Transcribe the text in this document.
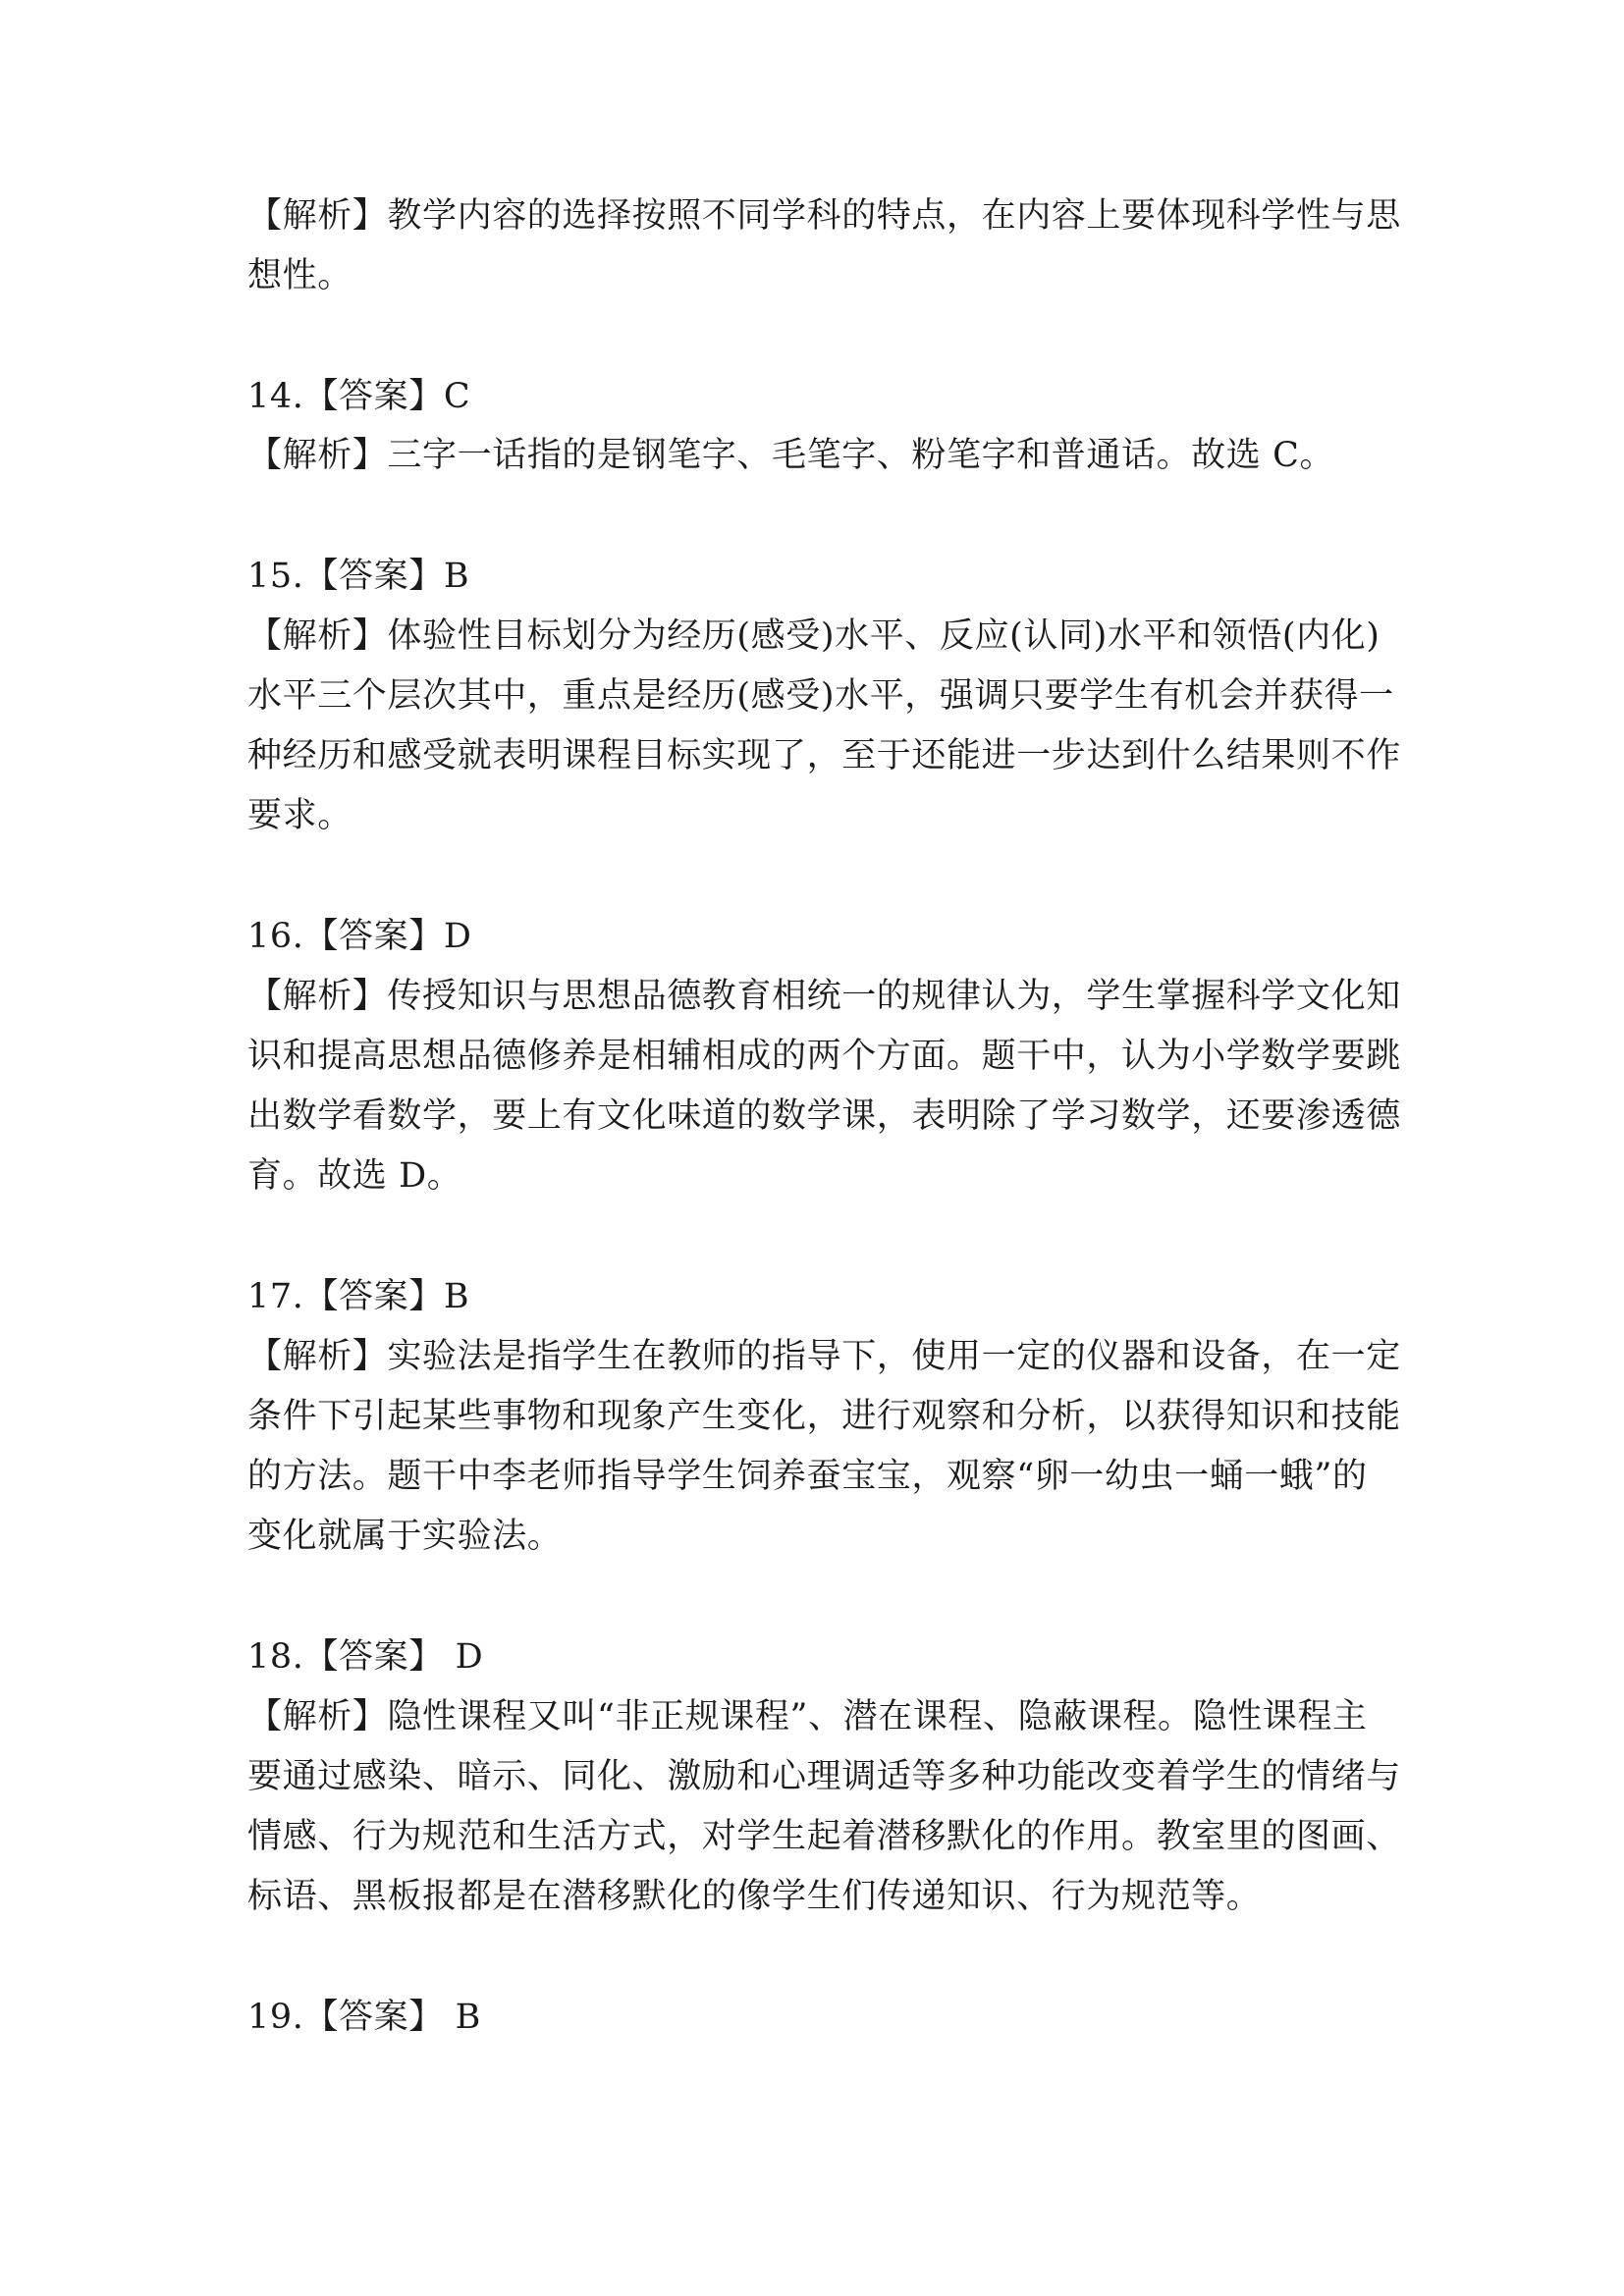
【解析】教学内容的选择按照不同学科的特点，在内容上要体现科学性与思
想性。
14.【答案】C
【解析】三字一话指的是钢笔字、毛笔字、粉笔字和普通话。故选 C。
15.【答案】B
【解析】体验性目标划分为经历(感受)水平、反应(认同)水平和领悟(内化)
水平三个层次其中，重点是经历(感受)水平，强调只要学生有机会并获得一
种经历和感受就表明课程目标实现了，至于还能进一步达到什么结果则不作
要求。
16.【答案】D
【解析】传授知识与思想品德教育相统一的规律认为，学生掌握科学文化知
识和提高思想品德修养是相辅相成的两个方面。题干中，认为小学数学要跳
出数学看数学，要上有文化味道的数学课，表明除了学习数学，还要渗透德
育。故选 D。
17.【答案】B
【解析】实验法是指学生在教师的指导下，使用一定的仪器和设备，在一定
条件下引起某些事物和现象产生变化，进行观察和分析，以获得知识和技能
的方法。题干中李老师指导学生饲养蚕宝宝，观察“卵一幼虫一蛹一蛾”的
变化就属于实验法。
18.【答案】 D
【解析】隐性课程又叫“非正规课程”、潜在课程、隐蔽课程。隐性课程主
要通过感染、暗示、同化、激励和心理调适等多种功能改变着学生的情绪与
情感、行为规范和生活方式，对学生起着潜移默化的作用。教室里的图画、
标语、黑板报都是在潜移默化的像学生们传递知识、行为规范等。
19.【答案】 B
